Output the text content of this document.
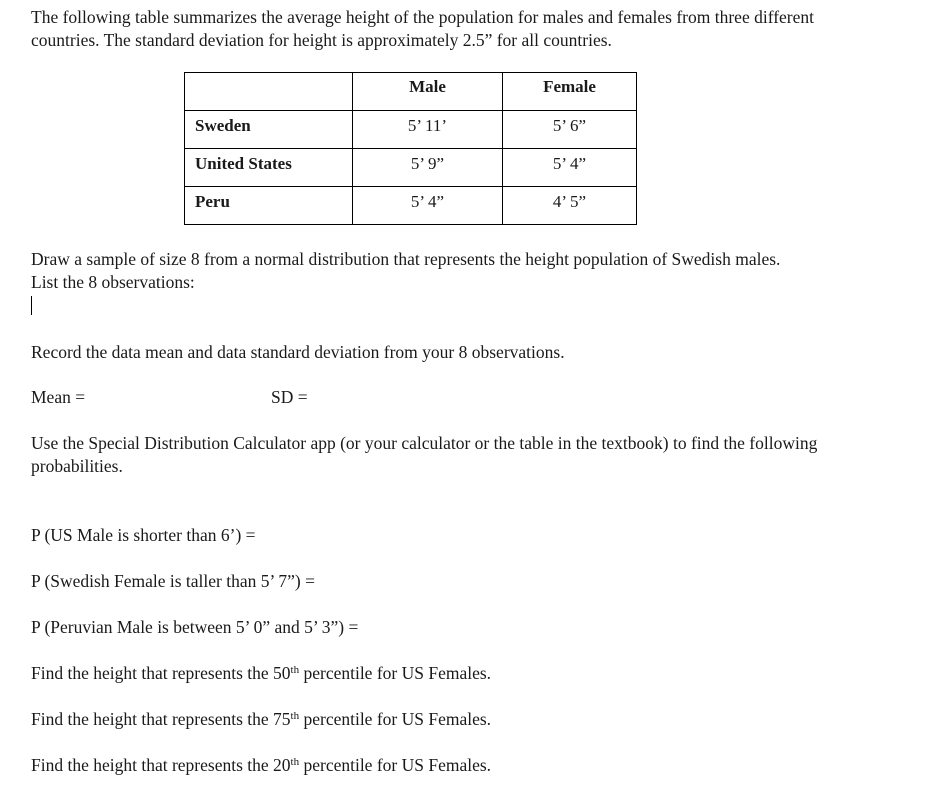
The following table summarizes the average height of the population for males and females from three different
countries. The standard deviation for height is approximately 2.5” for all countries.

	Male	Female
Sweden	5’ 11’	5’ 6”
United States	5’ 9”	5’ 4”
Peru	5’ 4”	4’ 5”

Draw a sample of size 8 from a normal distribution that represents the height population of Swedish males.
List the 8 observations:

Record the data mean and data standard deviation from your 8 observations.

Mean =	SD =

Use the Special Distribution Calculator app (or your calculator or the table in the textbook) to find the following
probabilities.

P (US Male is shorter than 6’) =

P (Swedish Female is taller than 5’ 7”) =

P (Peruvian Male is between 5’ 0” and 5’ 3”) =

Find the height that represents the 50th percentile for US Females.

Find the height that represents the 75th percentile for US Females.

Find the height that represents the 20th percentile for US Females.
